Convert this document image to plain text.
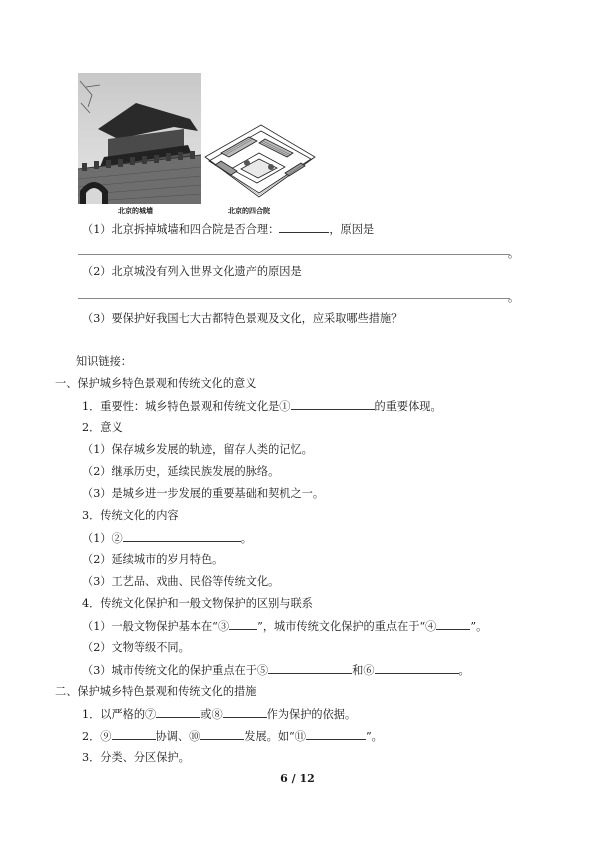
北京的城墙	北京的四合院
（1）北京拆掉城墙和四合院是否合理：	，原因是
。
（2）北京城没有列入世界文化遗产的原因是
。
（3）要保护好我国七大古都特色景观及文化，应采取哪些措施？
知识链接：
一、保护城乡特色景观和传统文化的意义
1．重要性：城乡特色景观和传统文化是①	的重要体现。
2．意义
（1）保存城乡发展的轨迹，留存人类的记忆。
（2）继承历史，延续民族发展的脉络。
（3）是城乡进一步发展的重要基础和契机之一。
3．传统文化的内容
（1）②	。
（2）延续城市的岁月特色。
（3）工艺品、戏曲、民俗等传统文化。
4．传统文化保护和一般文物保护的区别与联系
（1）一般文物保护基本在“③	”，城市传统文化保护的重点在于“④	”。
（2）文物等级不同。
（3）城市传统文化的保护重点在于⑤	和⑥	。
二、保护城乡特色景观和传统文化的措施
1．以严格的⑦	或⑧	作为保护的依据。
2．⑨	协调、⑩	发展。如“⑪	”。
3．分类、分区保护。
6 / 12
